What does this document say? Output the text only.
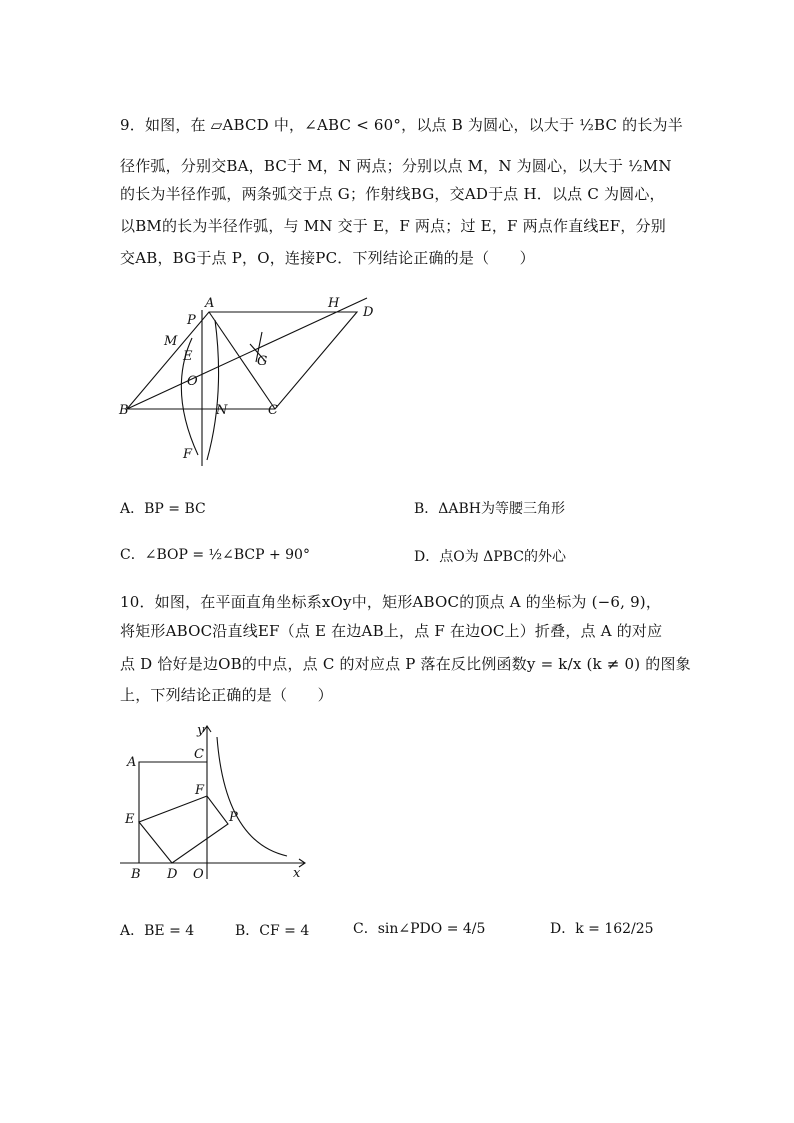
9．如图，在 ▱ABCD 中，∠ABC < 60°，以点 B 为圆心，以大于 ½BC 的长为半
径作弧，分别交BA，BC于 M，N 两点；分别以点 M，N 为圆心，以大于 ½MN
的长为半径作弧，两条弧交于点 G；作射线BG，交AD于点 H．以点 C 为圆心，
以BM的长为半径作弧，与 MN 交于 E，F 两点；过 E，F 两点作直线EF，分别
交AB，BG于点 P，O，连接PC．下列结论正确的是（　　）
A	H
D
P
M
E	G
O
B	N	C
F
A．BP = BC	B．ΔABH为等腰三角形
C．∠BOP = ½∠BCP + 90°	D．点O为 ΔPBC的外心
10．如图，在平面直角坐标系xOy中，矩形ABOC的顶点 A 的坐标为 (−6, 9)，
将矩形ABOC沿直线EF（点 E 在边AB上，点 F 在边OC上）折叠，点 A 的对应
点 D 恰好是边OB的中点，点 C 的对应点 P 落在反比例函数y = k/x (k ≠ 0) 的图象
上，下列结论正确的是（　　）
y
C
A
F
E	P
B D O	x
A．BE = 4	B．CF = 4	C．sin∠PDO = 4/5	D．k = 162/25
